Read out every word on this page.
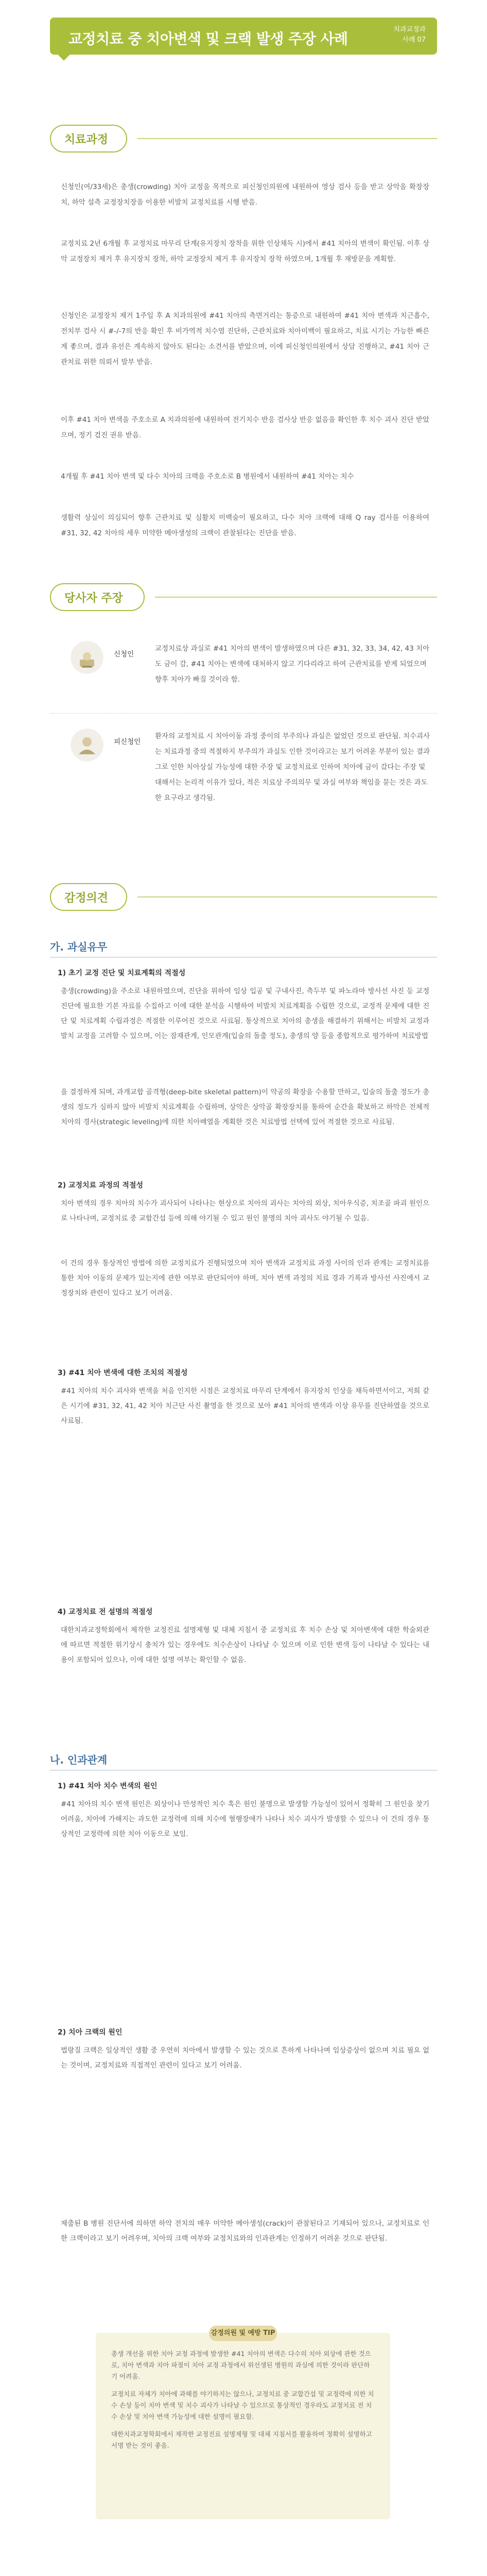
교정치료 중 치아변색 및 크랙 발생 주장 사례
치과교정과
사례 07
치료과정
신청인(여/33세)은 총생(crowding) 치아 교정을 목적으로 피신청인의원에 내원하여 영상 검사 등을 받고 상악을 확장장치, 하악 설측 교정장치장을 이용한 비발치 교정치료를 시행 받음.
교정치료 2년 6개월 후 교정치료 마무리 단계(유지장치 장착을 위한 인상채득 시)에서 #41 치아의 변색이 확인됨. 이후 상악 교정장치 제거 후 유지장치 장착, 하악 교정장치 제거 후 유지장치 장착 하였으며, 1개월 후 재방문을 계획함.
신청인은 교정장치 제거 1주일 후 A 치과의원에 #41 치아의 측면거리는 통증으로 내원하여 #41 치아 변색과 치근흡수, 전치부 검사 시 #-/-7의 반응 확인 후 비가역적 치수염 진단하, 근관치료와 치아미백이 필요하고, 치료 시기는 가능한 빠른 게 좋으며, 결과 유선은 계속하지 않아도 된다는 소견서를 받았으며, 이에 피신청인의원에서 상담 진행하고, #41 치아 근관치료 위한 의뢰서 발부 받음.
이후 #41 치아 변색을 주호소로 A 치과의원에 내원하여 전기치수 반응 검사상 반응 없음을 확인한 후 치수 괴사 진단 받았으며, 정기 검진 권유 받음.
4개월 후 #41 치아 변색 및 다수 치아의 크랙을 주호소로 B 병원에서 내원하여 #41 치아는 치수
생활력 상실이 의심되어 향후 근관치료 및 심활치 미백술이 필요하고, 다수 치아 크랙에 대해 Q ray 검사를 이용하여 #31, 32, 42 치아의 세우 미약한 메아생성의 크랙이 관찰된다는 진단을 받음.
당사자 주장
신청인
교정치료상 과실로 #41 치아의 변색이 발생하였으며 다른 #31, 32, 33, 34, 42, 43 치아도 금이 감, #41 치아는 변색에 대처하지 않고 기다리라고 하여 근관치료를 받게 되었으며 향후 치아가 빠질 것이라 함.
피신청인
환자의 교정치료 시 치아이동 과정 중이의 부주의나 과실은 없었던 것으로 판단됨. 치수괴사는 치료과정 중의 적절하지 부주의가 과실도 인한 것이라고는 보기 어려운 부분이 있는 결과 그로 인한 치아상실 가능성에 대한 주장 및 교정치료로 인하여 치아에 금이 갔다는 주장 및 대해서는 논리적 이유가 있다, 적은 치료상 주의의무 및 과실 여부와 책임을 묻는 것은 과도한 요구라고 생각됨.
감정의견
가. 과실유무
1) 초기 교정 진단 및 치료계획의 적절성
총생(crowding)을 주소로 내원하였으며, 진단을 위하여 임상 입공 및 구내사진, 측두부 및 파노라마 방사선 사진 등 교정진단에 필요한 기본 자료를 수집하고 이에 대한 분석을 시행하여 비발치 치료계획을 수립한 것으로, 교정적 문제에 대한 진단 및 치료계획 수립과정은 적절한 이루어진 것으로 사료됨. 통상적으로 치아의 총생을 해결하기 위해서는 비발치 교정과 발치 교정을 고려할 수 있으며, 이는 잠재관계, 인모관계(입술의 돌출 정도), 총생의 양 등을 종합적으로 평가하여 치료방법
을 결정하게 되며, 과개교합 골격형(deep-bite skeletal pattern)이 약공의 확장을 수용할 만하고, 입술의 돌출 정도가 총생의 정도가 심하지 않아 비발치 치료계획을 수립하며, 상악은 상악골 확장장치를 통하여 순간을 확보하고 하악은 전체적 치아의 경사(strategic leveling)에 의한 치아배열을 계획한 것은 치료방법 선택에 있어 적절한 것으로 사료됨.
2) 교정치료 과정의 적절성
치아 변색의 경우 치아의 치수가 괴사되어 나타나는 현상으로 치아의 괴사는 치아의 외상, 치아우식증, 치조골 파괴 원인으로 나타나며, 교정치료 중 교합간섭 등에 의해 야기될 수 있고 원인 불명의 치아 괴사도 야기될 수 있음.
이 건의 경우 통상적인 방법에 의한 교정치료가 진행되었으며 치아 변색과 교정치료 과정 사이의 인과 관계는 교정치료를 통한 치아 이동의 문제가 있는지에 관한 여부로 판단되어야 하며, 치아 변색 과정의 치료 경과 기록과 방사선 사진에서 교정장치와 관련이 있다고 보기 어려움.
3) #41 치아 변색에 대한 조치의 적절성
#41 치아의 치수 괴사와 변색을 처음 인지한 시점은 교정치료 마무리 단계에서 유지장치 인상을 채득하면서이고, 저희 같은 시기에 #31, 32, 41, 42 치아 치근단 사진 촬영을 한 것으로 보아 #41 치아의 변색과 이상 유무를 진단하였을 것으로 사료됨.
4) 교정치료 전 설명의 적절성
대한치과교정학회에서 제작한 교정진료 설명제형 및 대체 지침서 중 교정치료 후 치수 손상 및 치아변색에 대한 학술외관에 따르면 적절한 위기상시 충치가 있는 경우에도 치수손상이 나타날 수 있으며 이로 인한 변색 등이 나타날 수 있다는 내용이 포함되어 있으나, 이에 대한 설명 여부는 확인할 수 없음.
나. 인과관계
1) #41 치아 치수 변색의 원인
#41 치아의 치수 변색 원인은 외상이나 만성적인 치수 혹은 원인 불명으로 발생할 가능성이 있어서 정확히 그 원인을 찾기 어려움, 치아에 가해지는 과도한 교정력에 의해 치수에 혈행장애가 나타나 치수 괴사가 발생할 수 있으나 이 건의 경우 통상적인 교정력에 의한 치아 이동으로 보임.
2) 치아 크랙의 원인
법랑질 크랙은 일상적인 생활 중 우연히 치아에서 발생할 수 있는 것으로 흔하게 나타나며 임상증상이 없으며 치료 필요 없는 것이며, 교정치료와 직접적인 관련이 있다고 보기 어려움.
제출된 B 병원 진단서에 의하면 하악 전치의 매우 미약한 메아생성(crack)이 관찰된다고 기재되어 있으나, 교정치료로 인한 크랙이라고 보기 어려우며, 치아의 크랙 여부와 교정치료와의 인과관계는 인정하기 어려운 것으로 판단됨.
감정의원 및 예방 TIP

총생 개선을 위한 치아 교정 과정에 발생한 #41 치아의 변색은 다수의 치아 외상에 관한 것으로, 치아 변색과 치아 파절이 치아 교정 과정에서 위선생된 병원의 과실에 의한 것이라 판단하기 어려움.

교정치료 자체가 치아에 과해를 야기하지는 않으나, 교정치료 중 교합간섭 및 교정력에 의한 치수 손상 등이 치아 변색 및 치수 괴사가 나타날 수 있으므로 통상적인 경우라도 교정치료 전 치수 손상 및 치아 변색 가능성에 대한 설명이 필요함.

대한치과교정학회에서 제작한 교정진료 설명제형 및 대체 지침서를 활용하여 정확히 설명하고 서명 받는 것이 좋음.
